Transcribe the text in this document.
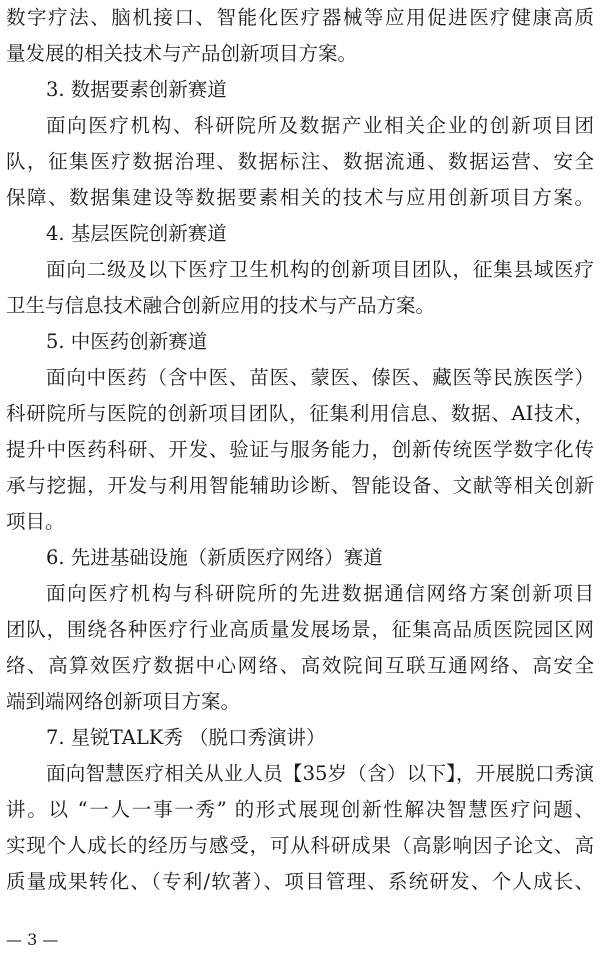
数字疗法、脑机接口、智能化医疗器械等应用促进医疗健康高质
量发展的相关技术与产品创新项目方案。
3. 数据要素创新赛道
面向医疗机构、科研院所及数据产业相关企业的创新项目团
队，征集医疗数据治理、数据标注、数据流通、数据运营、安全
保障、数据集建设等数据要素相关的技术与应用创新项目方案。
4. 基层医院创新赛道
面向二级及以下医疗卫生机构的创新项目团队，征集县域医疗
卫生与信息技术融合创新应用的技术与产品方案。
5. 中医药创新赛道
面向中医药（含中医、苗医、蒙医、傣医、藏医等民族医学）
科研院所与医院的创新项目团队，征集利用信息、数据、AI技术，
提升中医药科研、开发、验证与服务能力，创新传统医学数字化传
承与挖掘，开发与利用智能辅助诊断、智能设备、文献等相关创新
项目。
6. 先进基础设施（新质医疗网络）赛道
面向医疗机构与科研院所的先进数据通信网络方案创新项目
团队，围绕各种医疗行业高质量发展场景，征集高品质医院园区网
络、高算效医疗数据中心网络、高效院间互联互通网络、高安全
端到端网络创新项目方案。
7. 星锐TALK秀 （脱口秀演讲）
面向智慧医疗相关从业人员【35岁（含）以下】，开展脱口秀演
讲。以 “一人一事一秀” 的形式展现创新性解决智慧医疗问题、
实现个人成长的经历与感受，可从科研成果（高影响因子论文、高
质量成果转化、（专利/软著）、项目管理、系统研发、个人成长、
— 3 —
